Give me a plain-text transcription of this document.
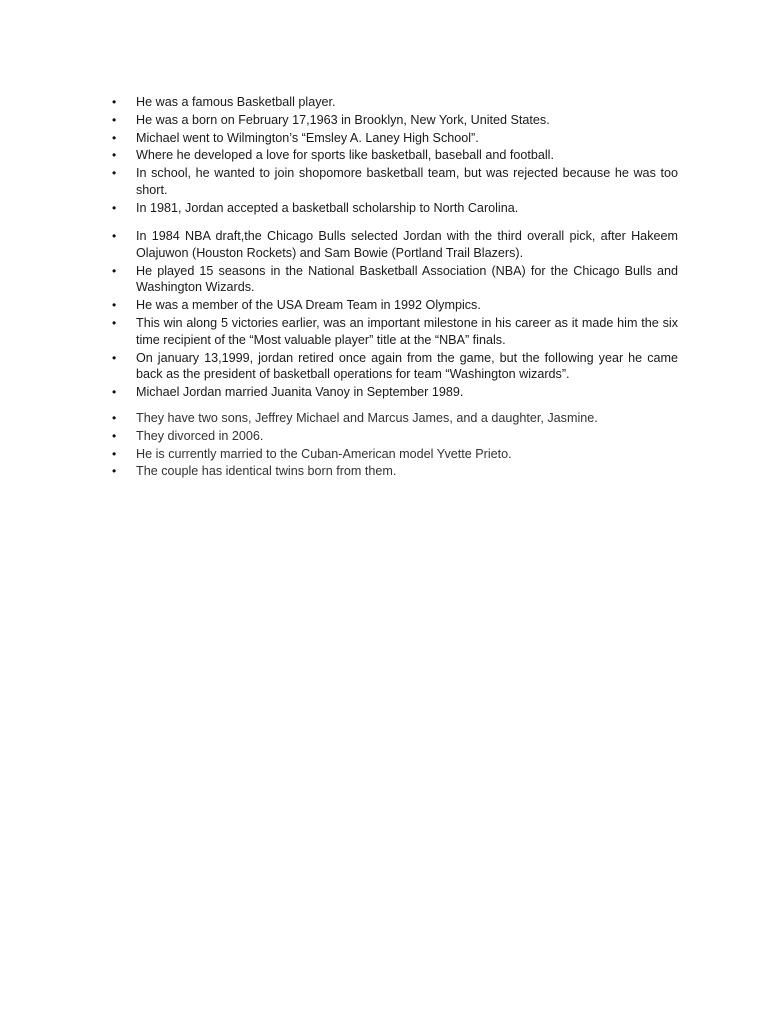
•	He was a famous Basketball player.
•	He was a born on February 17,1963 in Brooklyn, New York, United States.
•	Michael went to Wilmington’s “Emsley A. Laney High School”.
•	Where he developed a love for sports like basketball, baseball and football.
•	In school, he wanted to join shopomore basketball team, but was rejected because he was too short.
•	In 1981, Jordan accepted a basketball scholarship to North Carolina.
•	In 1984 NBA draft,the Chicago Bulls selected Jordan with the third overall pick, after Hakeem Olajuwon (Houston Rockets) and Sam Bowie (Portland Trail Blazers).
•	He played 15 seasons in the National Basketball Association (NBA) for the Chicago Bulls and Washington Wizards.
•	He was a member of the USA Dream Team in 1992 Olympics.
•	This win along 5 victories earlier, was an important milestone in his career as it made him the six time recipient of the “Most valuable player” title at the “NBA” finals.
•	On january 13,1999, jordan retired once again from the game, but the following year he came back as the president of basketball operations for team “Washington wizards”.
•	Michael Jordan married Juanita Vanoy in September 1989.
•	They have two sons, Jeffrey Michael and Marcus James, and a daughter, Jasmine.
•	They divorced in 2006.
•	He is currently married to the Cuban-American model Yvette Prieto.
•	The couple has identical twins born from them.
